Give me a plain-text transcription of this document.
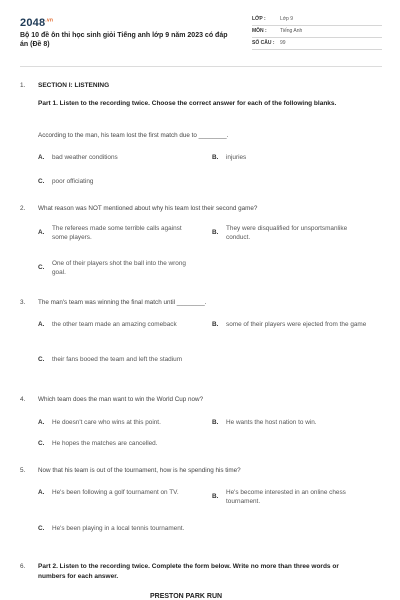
$2048^{.vn}$
Bộ 10 đề ôn thi học sinh giỏi Tiếng anh lớp 9 năm 2023 có đáp án (Đề 8)
LỚP :	Lớp 9
MÔN :	Tiếng Anh
SỐ CÂU :	99
1.	SECTION I: LISTENING
Part 1. Listen to the recording twice. Choose the correct answer for each of the following blanks.
According to the man, his team lost the first match due to ________.
A.	bad weather conditions	B.	injuries
C.	poor officiating
2.	What reason was NOT mentioned about why his team lost their second game?
A.
The referees made some terrible calls against some players.
B.
They were disqualified for unsportsmanlike conduct.
C.
One of their players shot the ball into the wrong goal.
3.	The man's team was winning the final match until ________.
A.	the other team made an amazing comeback	B.	some of their players were ejected from the game
C.	their fans booed the team and left the stadium
4.	Which team does the man want to win the World Cup now?
A.	He doesn't care who wins at this point.	B.	He wants the host nation to win.
C.	He hopes the matches are cancelled.
5.	Now that his team is out of the tournament, how is he spending his time?
A.	He's been following a golf tournament on TV.
B.
He's become interested in an online chess tournament.
C.	He's been playing in a local tennis tournament.
6.	Part 2. Listen to the recording twice. Complete the form below. Write no more than three words or numbers for each answer.
PRESTON PARK RUN
